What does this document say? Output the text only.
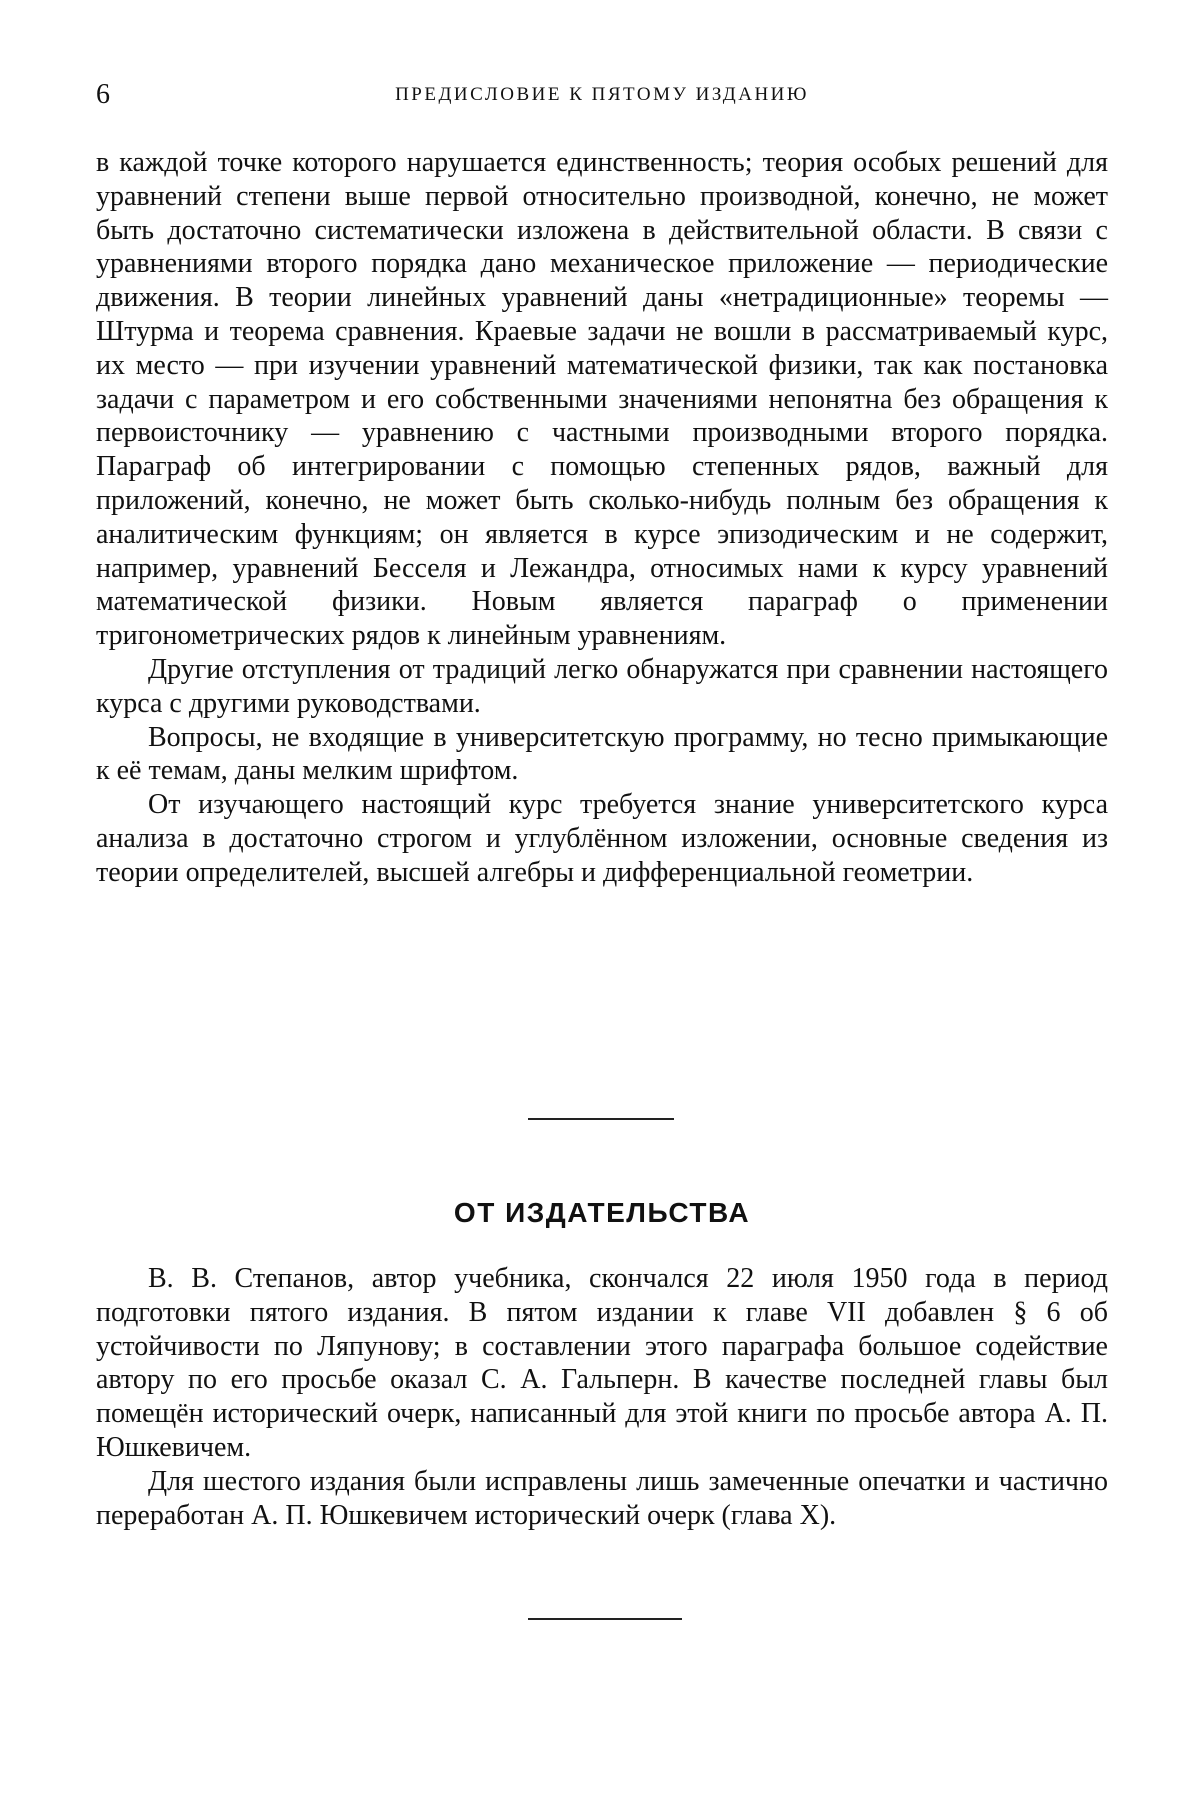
6	ПРЕДИСЛОВИЕ К ПЯТОМУ ИЗДАНИЮ

в каждой точке которого нарушается единственность; теория особых решений для уравнений степени выше первой относительно производной, конечно, не может быть достаточно систематически изложена в действительной области. В связи с уравнениями второго порядка дано механическое приложение — периодические движения. В теории линейных уравнений даны «нетрадиционные» теоремы — Штурма и теорема сравнения. Краевые задачи не вошли в рассматриваемый курс, их место — при изучении уравнений математической физики, так как постановка задачи с параметром и его собственными значениями непонятна без обращения к первоисточнику — уравнению с частными производными второго порядка. Параграф об интегрировании с помощью степенных рядов, важный для приложений, конечно, не может быть сколько-нибудь полным без обращения к аналитическим функциям; он является в курсе эпизодическим и не содержит, например, уравнений Бесселя и Лежандра, относимых нами к курсу уравнений математической физики. Новым является параграф о применении тригонометрических рядов к линейным уравнениям.

Другие отступления от традиций легко обнаружатся при сравнении настоящего курса с другими руководствами.

Вопросы, не входящие в университетскую программу, но тесно примыкающие к её темам, даны мелким шрифтом.

От изучающего настоящий курс требуется знание университетского курса анализа в достаточно строгом и углублённом изложении, основные сведения из теории определителей, высшей алгебры и дифференциальной геометрии.

ОТ ИЗДАТЕЛЬСТВА

В. В. Степанов, автор учебника, скончался 22 июля 1950 года в период подготовки пятого издания. В пятом издании к главе VII добавлен § 6 об устойчивости по Ляпунову; в составлении этого параграфа большое содействие автору по его просьбе оказал С. А. Гальперн. В качестве последней главы был помещён исторический очерк, написанный для этой книги по просьбе автора А. П. Юшкевичем.

Для шестого издания были исправлены лишь замеченные опечатки и частично переработан А. П. Юшкевичем исторический очерк (глава X).
